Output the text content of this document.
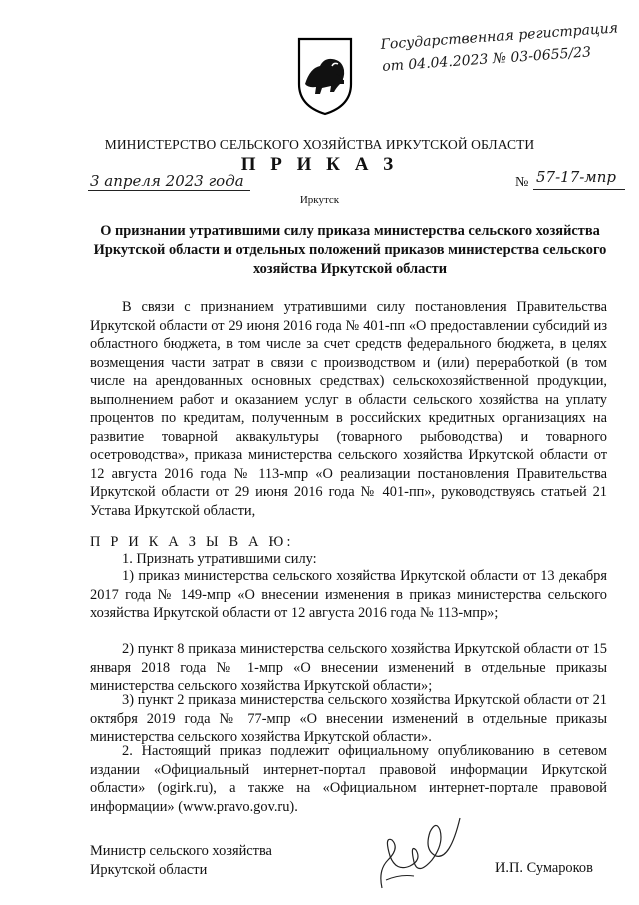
Государственная регистрация
от 04.04.2023 № 03-0655/23
МИНИСТЕРСТВО СЕЛЬСКОГО ХОЗЯЙСТВА ИРКУТСКОЙ ОБЛАСТИ
П Р И К А З
3 апреля 2023 года
Иркутск
№ 57-17-мпр
О признании утратившими силу приказа министерства сельского хозяйства Иркутской области и отдельных положений приказов министерства сельского хозяйства Иркутской области
В связи с признанием утратившими силу постановления Правительства Иркутской области от 29 июня 2016 года № 401-пп «О предоставлении субсидий из областного бюджета, в том числе за счет средств федерального бюджета, в целях возмещения части затрат в связи с производством и (или) переработкой (в том числе на арендованных основных средствах) сельскохозяйственной продукции, выполнением работ и оказанием услуг в области сельского хозяйства на уплату процентов по кредитам, полученным в российских кредитных организациях на развитие товарной аквакультуры (товарного рыбоводства) и товарного осетроводства», приказа министерства сельского хозяйства Иркутской области от 12 августа 2016 года № 113-мпр «О реализации постановления Правительства Иркутской области от 29 июня 2016 года № 401-пп», руководствуясь статьей 21 Устава Иркутской области,
П Р И К А З Ы В А Ю:
1. Признать утратившими силу:
1) приказ министерства сельского хозяйства Иркутской области от 13 декабря 2017 года № 149-мпр «О внесении изменения в приказ министерства сельского хозяйства Иркутской области от 12 августа 2016 года № 113-мпр»;
2) пункт 8 приказа министерства сельского хозяйства Иркутской области от 15 января 2018 года № 1-мпр «О внесении изменений в отдельные приказы министерства сельского хозяйства Иркутской области»;
3) пункт 2 приказа министерства сельского хозяйства Иркутской области от 21 октября 2019 года № 77-мпр «О внесении изменений в отдельные приказы министерства сельского хозяйства Иркутской области».
2. Настоящий приказ подлежит официальному опубликованию в сетевом издании «Официальный интернет-портал правовой информации Иркутской области» (ogirk.ru), а также на «Официальном интернет-портале правовой информации» (www.pravo.gov.ru).
Министр сельского хозяйства
Иркутской области	И.П. Сумароков
